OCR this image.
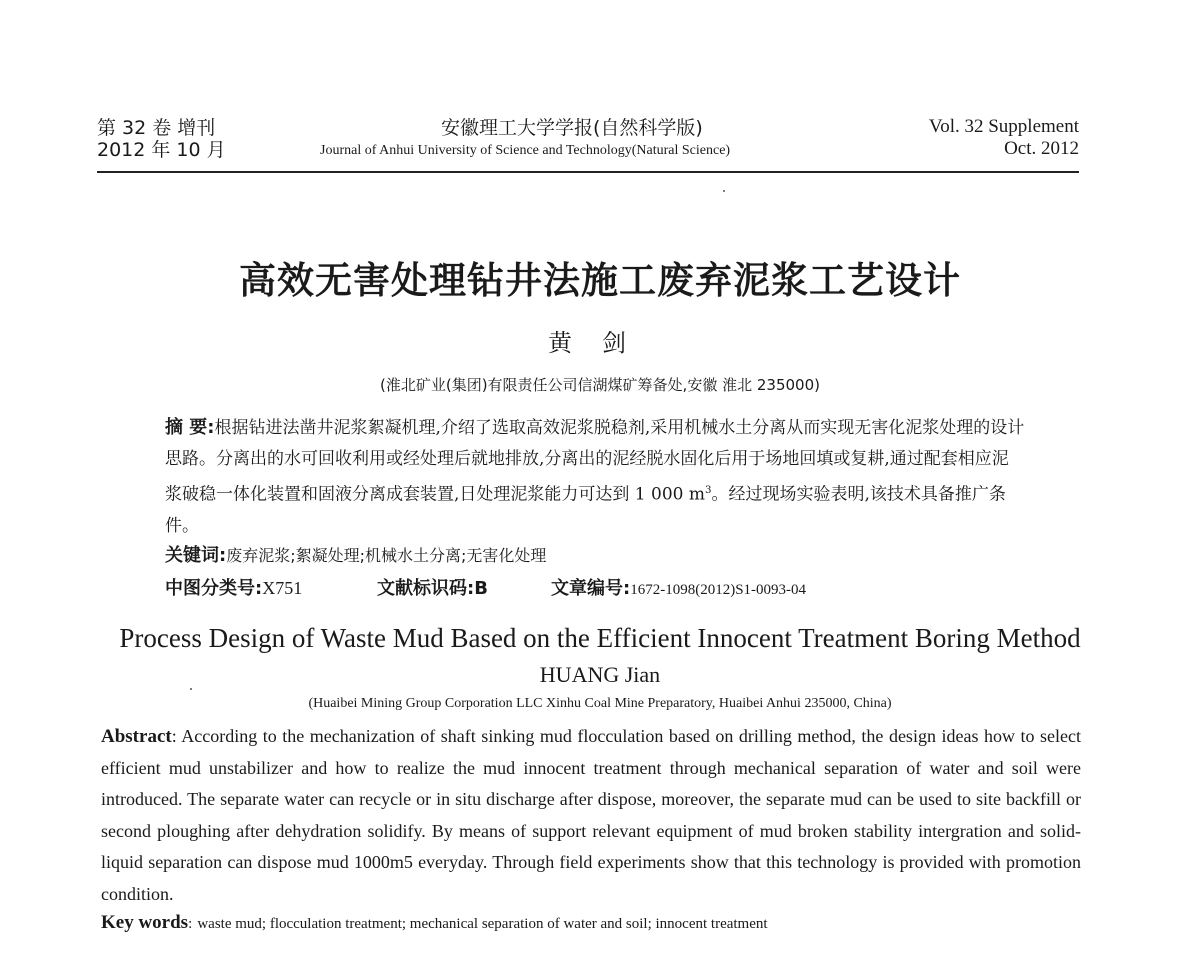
第 32 卷 增刊
2012 年 10 月
安徽理工大学学报(自然科学版)
Journal of Anhui University of Science and Technology(Natural Science)
Vol. 32 Supplement
Oct. 2012
高效无害处理钻井法施工废弃泥浆工艺设计
黄剑
(淮北矿业(集团)有限责任公司信湖煤矿筹备处,安徽 淮北 235000)
摘 要:根据钻进法凿井泥浆絮凝机理,介绍了选取高效泥浆脱稳剂,采用机械水土分离从而实现无害化泥浆处理的设计思路。分离出的水可回收利用或经处理后就地排放,分离出的泥经脱水固化后用于场地回填或复耕,通过配套相应泥浆破稳一体化装置和固液分离成套装置,日处理泥浆能力可达到 1 000 $m^3$。经过现场实验表明,该技术具备推广条件。
关键词:废弃泥浆;絮凝处理;机械水土分离;无害化处理
中图分类号:X751	文献标识码:B	文章编号:1672-1098(2012)S1-0093-04
Process Design of Waste Mud Based on the Efficient Innocent Treatment Boring Method
HUANG Jian
(Huaibei Mining Group Corporation LLC Xinhu Coal Mine Preparatory, Huaibei Anhui 235000, China)
Abstract: According to the mechanization of shaft sinking mud flocculation based on drilling method, the design ideas how to select efficient mud unstabilizer and how to realize the mud innocent treatment through mechanical separation of water and soil were introduced. The separate water can recycle or in situ discharge after dispose, moreover, the separate mud can be used to site backfill or second ploughing after dehydration solidify. By means of support relevant equipment of mud broken stability intergration and solid-liquid separation can dispose mud 1000m5 everyday. Through field experiments show that this technology is provided with promotion condition.
Key words: waste mud; flocculation treatment; mechanical separation of water and soil; innocent treatment
